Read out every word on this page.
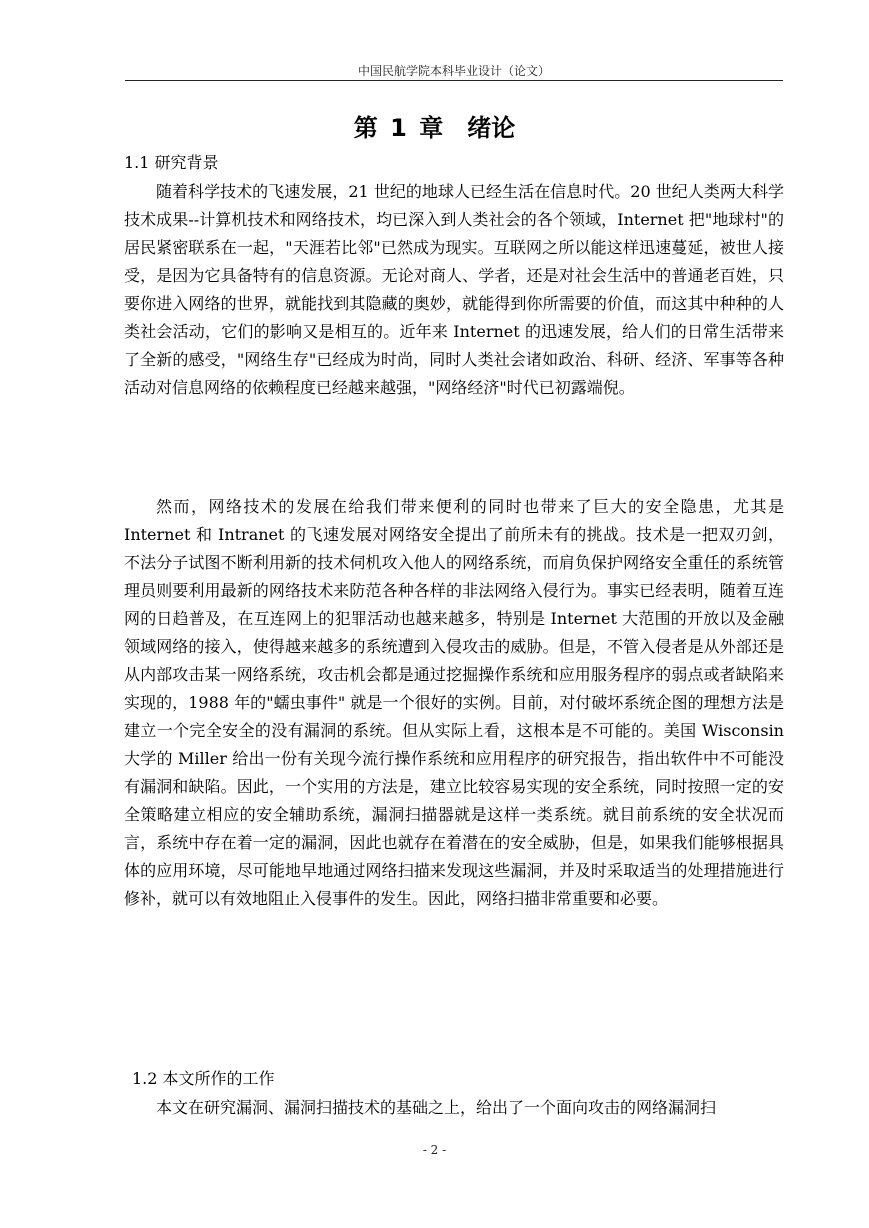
中国民航学院本科毕业设计（论文）
第 1 章　绪论
1.1 研究背景

随着科学技术的飞速发展，21 世纪的地球人已经生活在信息时代。20 世纪人类两大科学技术成果--计算机技术和网络技术，均已深入到人类社会的各个领域，Internet 把"地球村"的居民紧密联系在一起，"天涯若比邻"已然成为现实。互联网之所以能这样迅速蔓延，被世人接受，是因为它具备特有的信息资源。无论对商人、学者，还是对社会生活中的普通老百姓，只要你进入网络的世界，就能找到其隐藏的奥妙，就能得到你所需要的价值，而这其中种种的人类社会活动，它们的影响又是相互的。近年来 Internet 的迅速发展，给人们的日常生活带来了全新的感受，"网络生存"已经成为时尚，同时人类社会诸如政治、科研、经济、军事等各种活动对信息网络的依赖程度已经越来越强，"网络经济"时代已初露端倪。

然而，网络技术的发展在给我们带来便利的同时也带来了巨大的安全隐患，尤其是 Internet 和 Intranet 的飞速发展对网络安全提出了前所未有的挑战。技术是一把双刃剑，不法分子试图不断利用新的技术伺机攻入他人的网络系统，而肩负保护网络安全重任的系统管理员则要利用最新的网络技术来防范各种各样的非法网络入侵行为。事实已经表明，随着互连网的日趋普及，在互连网上的犯罪活动也越来越多，特别是 Internet 大范围的开放以及金融领域网络的接入，使得越来越多的系统遭到入侵攻击的威胁。但是，不管入侵者是从外部还是从内部攻击某一网络系统，攻击机会都是通过挖掘操作系统和应用服务程序的弱点或者缺陷来实现的，1988 年的"蠕虫事件" 就是一个很好的实例。目前，对付破坏系统企图的理想方法是建立一个完全安全的没有漏洞的系统。但从实际上看，这根本是不可能的。美国 Wisconsin 大学的 Miller 给出一份有关现今流行操作系统和应用程序的研究报告，指出软件中不可能没有漏洞和缺陷。因此，一个实用的方法是，建立比较容易实现的安全系统，同时按照一定的安全策略建立相应的安全辅助系统，漏洞扫描器就是这样一类系统。就目前系统的安全状况而言，系统中存在着一定的漏洞，因此也就存在着潜在的安全威胁，但是，如果我们能够根据具体的应用环境，尽可能地早地通过网络扫描来发现这些漏洞，并及时采取适当的处理措施进行修补，就可以有效地阻止入侵事件的发生。因此，网络扫描非常重要和必要。

1.2 本文所作的工作

本文在研究漏洞、漏洞扫描技术的基础之上，给出了一个面向攻击的网络漏洞扫

- 2 -
